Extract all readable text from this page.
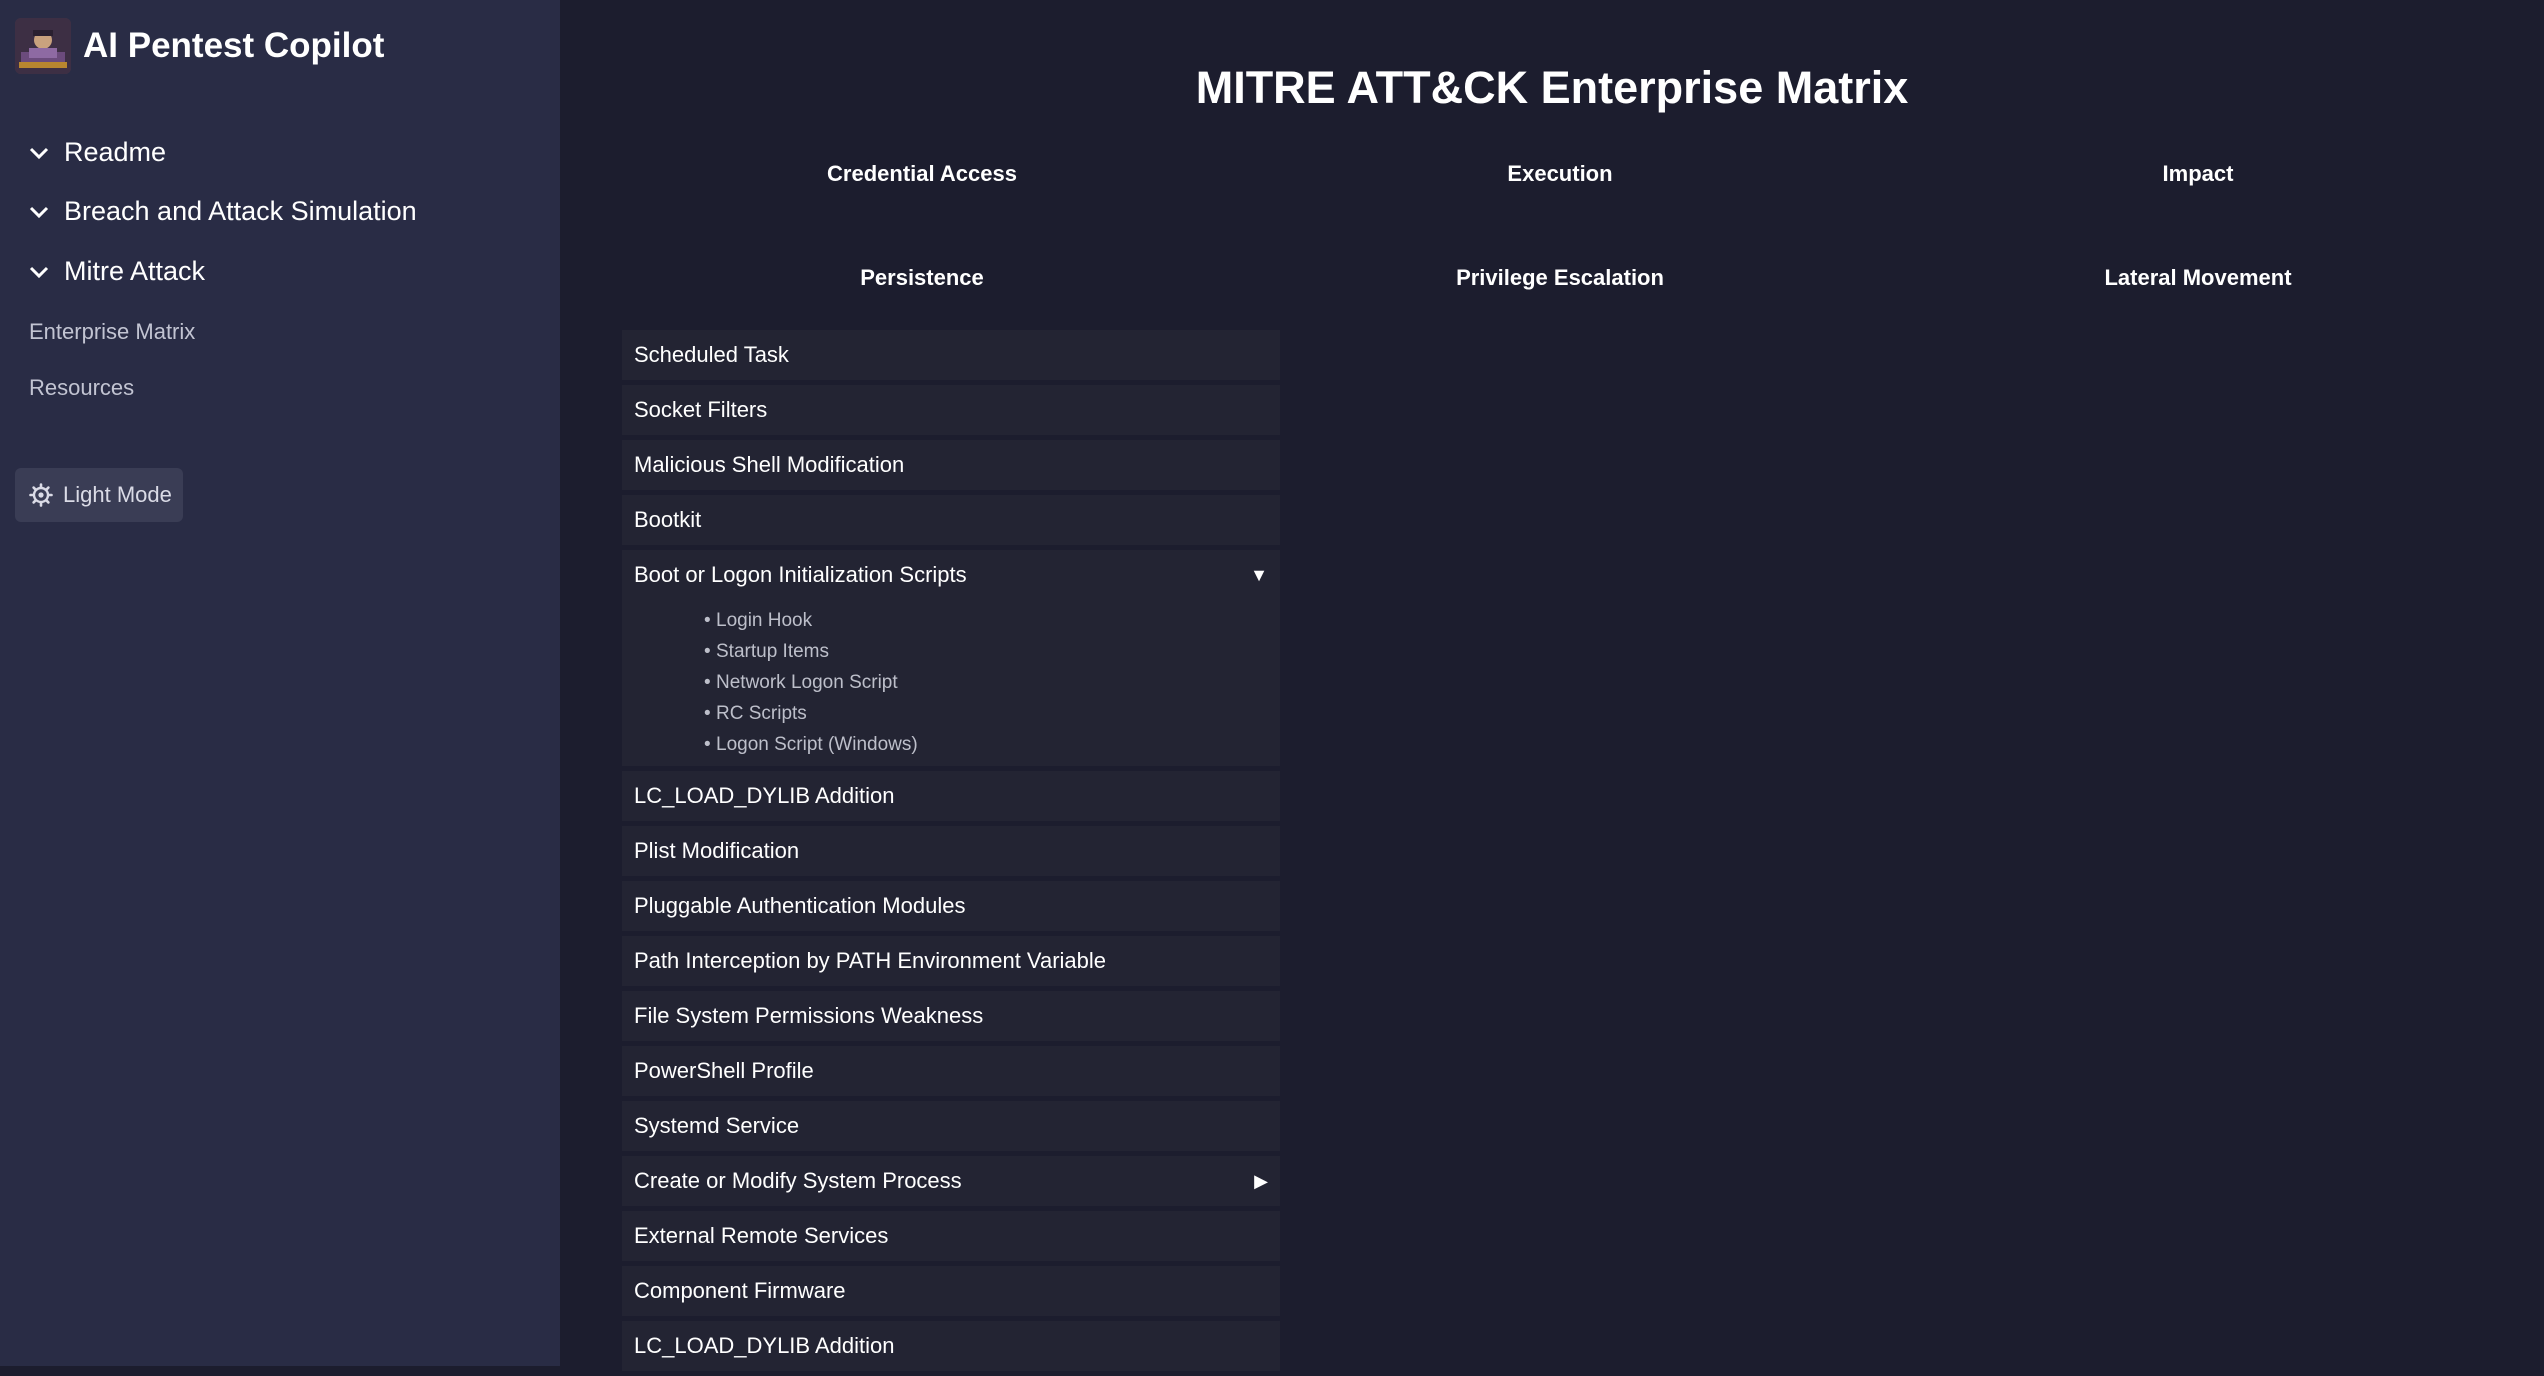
AI Pentest Copilot
Readme
Breach and Attack Simulation
Mitre Attack
Enterprise Matrix
Resources
Light Mode
MITRE ATT&CK Enterprise Matrix
Credential Access	Execution	Impact
Persistence	Privilege Escalation	Lateral Movement
Scheduled Task
Socket Filters
Malicious Shell Modification
Bootkit
Boot or Logon Initialization Scripts	▼
• Login Hook
• Startup Items
• Network Logon Script
• RC Scripts
• Logon Script (Windows)
LC_LOAD_DYLIB Addition
Plist Modification
Pluggable Authentication Modules
Path Interception by PATH Environment Variable
File System Permissions Weakness
PowerShell Profile
Systemd Service
Create or Modify System Process	▶
External Remote Services
Component Firmware
LC_LOAD_DYLIB Addition
